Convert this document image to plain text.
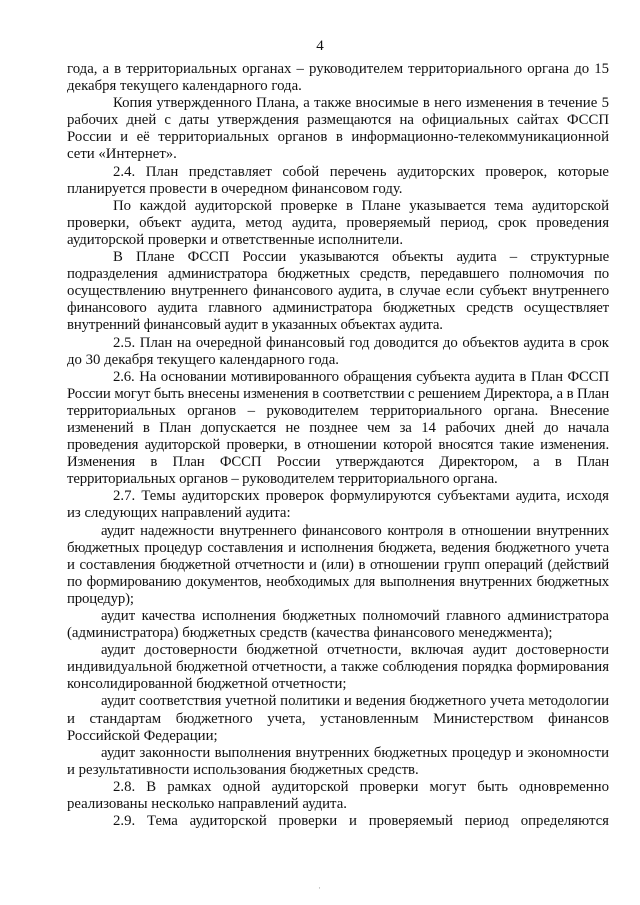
4

года, а в территориальных органах – руководителем территориального органа до 15 декабря текущего календарного года.

Копия утвержденного Плана, а также вносимые в него изменения в течение 5 рабочих дней с даты утверждения размещаются на официальных сайтах ФССП России и её территориальных органов в информационно-телекоммуникационной сети «Интернет».

2.4. План представляет собой перечень аудиторских проверок, которые планируется провести в очередном финансовом году.

По каждой аудиторской проверке в Плане указывается тема аудиторской проверки, объект аудита, метод аудита, проверяемый период, срок проведения аудиторской проверки и ответственные исполнители.

В Плане ФССП России указываются объекты аудита – структурные подразделения администратора бюджетных средств, передавшего полномочия по осуществлению внутреннего финансового аудита, в случае если субъект внутреннего финансового аудита главного администратора бюджетных средств осуществляет внутренний финансовый аудит в указанных объектах аудита.

2.5. План на очередной финансовый год доводится до объектов аудита в срок до 30 декабря текущего календарного года.

2.6. На основании мотивированного обращения субъекта аудита в План ФССП России могут быть внесены изменения в соответствии с решением Директора, а в План территориальных органов – руководителем территориального органа. Внесение изменений в План допускается не позднее чем за 14 рабочих дней до начала проведения аудиторской проверки, в отношении которой вносятся такие изменения. Изменения в План ФССП России утверждаются Директором, а в План территориальных органов – руководителем территориального органа.

2.7. Темы аудиторских проверок формулируются субъектами аудита, исходя из следующих направлений аудита:

аудит надежности внутреннего финансового контроля в отношении внутренних бюджетных процедур составления и исполнения бюджета, ведения бюджетного учета и составления бюджетной отчетности и (или) в отношении групп операций (действий по формированию документов, необходимых для выполнения внутренних бюджетных процедур);

аудит качества исполнения бюджетных полномочий главного администратора (администратора) бюджетных средств (качества финансового менеджмента);

аудит достоверности бюджетной отчетности, включая аудит достоверности индивидуальной бюджетной отчетности, а также соблюдения порядка формирования консолидированной бюджетной отчетности;

аудит соответствия учетной политики и ведения бюджетного учета методологии и стандартам бюджетного учета, установленным Министерством финансов Российской Федерации;

аудит законности выполнения внутренних бюджетных процедур и экономности и результативности использования бюджетных средств.

2.8. В рамках одной аудиторской проверки могут быть одновременно реализованы несколько направлений аудита.

2.9. Тема аудиторской проверки и проверяемый период определяются

·
